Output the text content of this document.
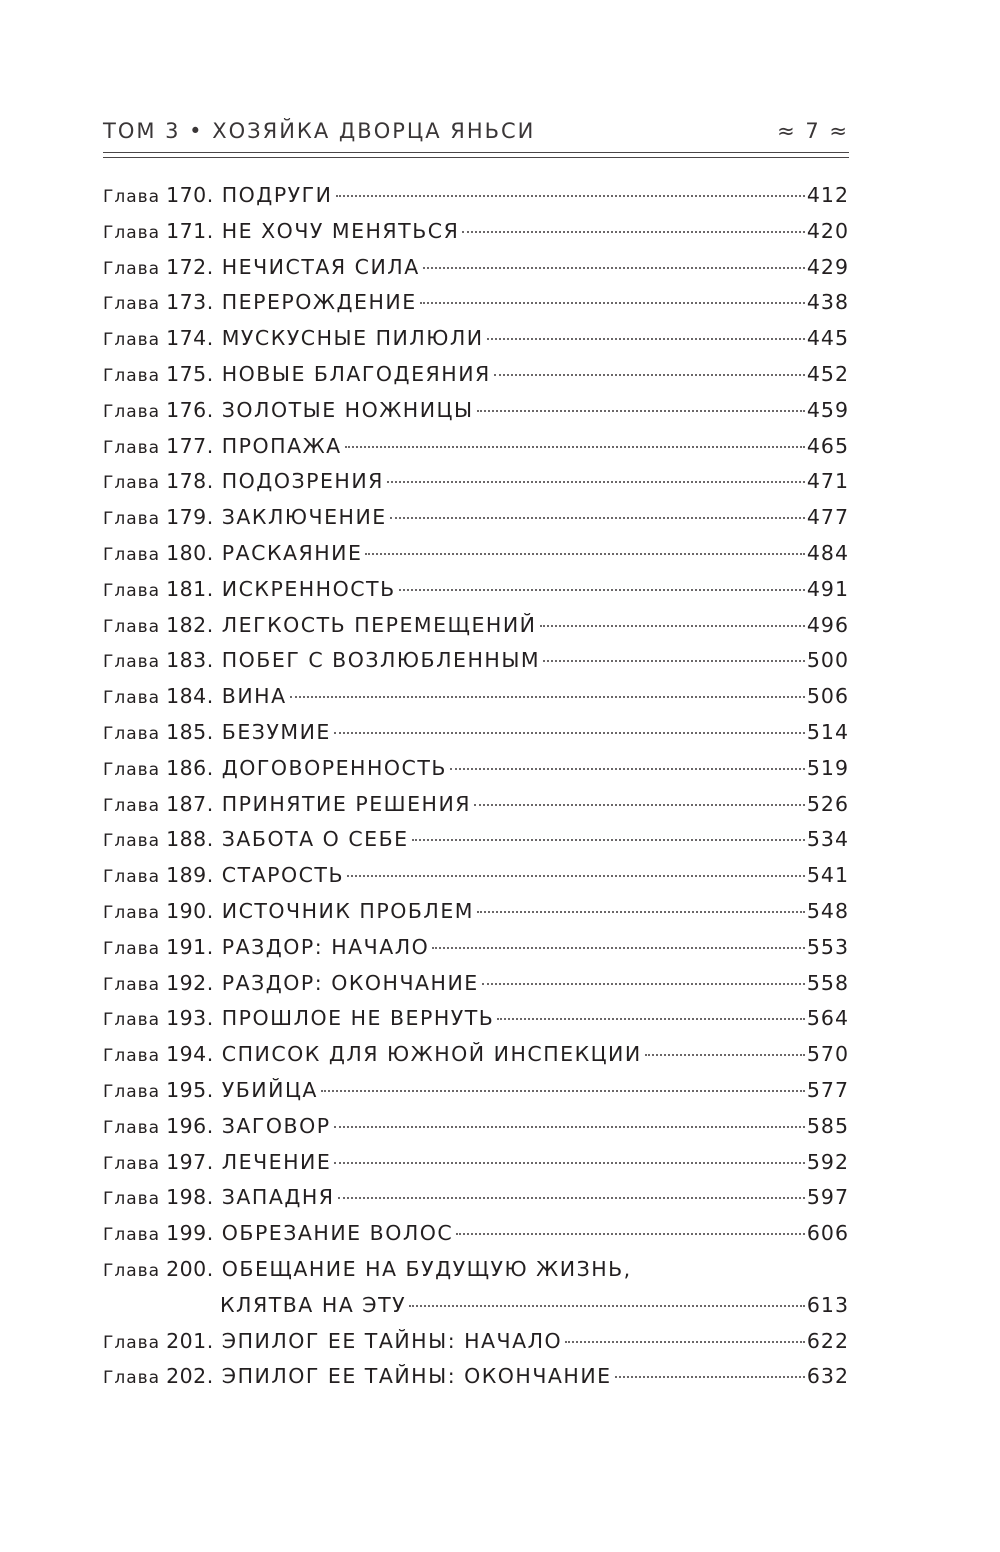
ТОМ 3 • ХОЗЯЙКА ДВОРЦА ЯНЬСИ	≈ 7 ≈
Глава 170. ПОДРУГИ	412
Глава 171. НЕ ХОЧУ МЕНЯТЬСЯ	420
Глава 172. НЕЧИСТАЯ СИЛА	429
Глава 173. ПЕРЕРОЖДЕНИЕ	438
Глава 174. МУСКУСНЫЕ ПИЛЮЛИ	445
Глава 175. НОВЫЕ БЛАГОДЕЯНИЯ	452
Глава 176. ЗОЛОТЫЕ НОЖНИЦЫ	459
Глава 177. ПРОПАЖА	465
Глава 178. ПОДОЗРЕНИЯ	471
Глава 179. ЗАКЛЮЧЕНИЕ	477
Глава 180. РАСКАЯНИЕ	484
Глава 181. ИСКРЕННОСТЬ	491
Глава 182. ЛЕГКОСТЬ ПЕРЕМЕЩЕНИЙ	496
Глава 183. ПОБЕГ С ВОЗЛЮБЛЕННЫМ	500
Глава 184. ВИНА	506
Глава 185. БЕЗУМИЕ	514
Глава 186. ДОГОВОРЕННОСТЬ	519
Глава 187. ПРИНЯТИЕ РЕШЕНИЯ	526
Глава 188. ЗАБОТА О СЕБЕ	534
Глава 189. СТАРОСТЬ	541
Глава 190. ИСТОЧНИК ПРОБЛЕМ	548
Глава 191. РАЗДОР: НАЧАЛО	553
Глава 192. РАЗДОР: ОКОНЧАНИЕ	558
Глава 193. ПРОШЛОЕ НЕ ВЕРНУТЬ	564
Глава 194. СПИСОК ДЛЯ ЮЖНОЙ ИНСПЕКЦИИ	570
Глава 195. УБИЙЦА	577
Глава 196. ЗАГОВОР	585
Глава 197. ЛЕЧЕНИЕ	592
Глава 198. ЗАПАДНЯ	597
Глава 199. ОБРЕЗАНИЕ ВОЛОС	606
Глава 200. ОБЕЩАНИЕ НА БУДУЩУЮ ЖИЗНЬ,
КЛЯТВА НА ЭТУ	613
Глава 201. ЭПИЛОГ ЕЕ ТАЙНЫ: НАЧАЛО	622
Глава 202. ЭПИЛОГ ЕЕ ТАЙНЫ: ОКОНЧАНИЕ	632
